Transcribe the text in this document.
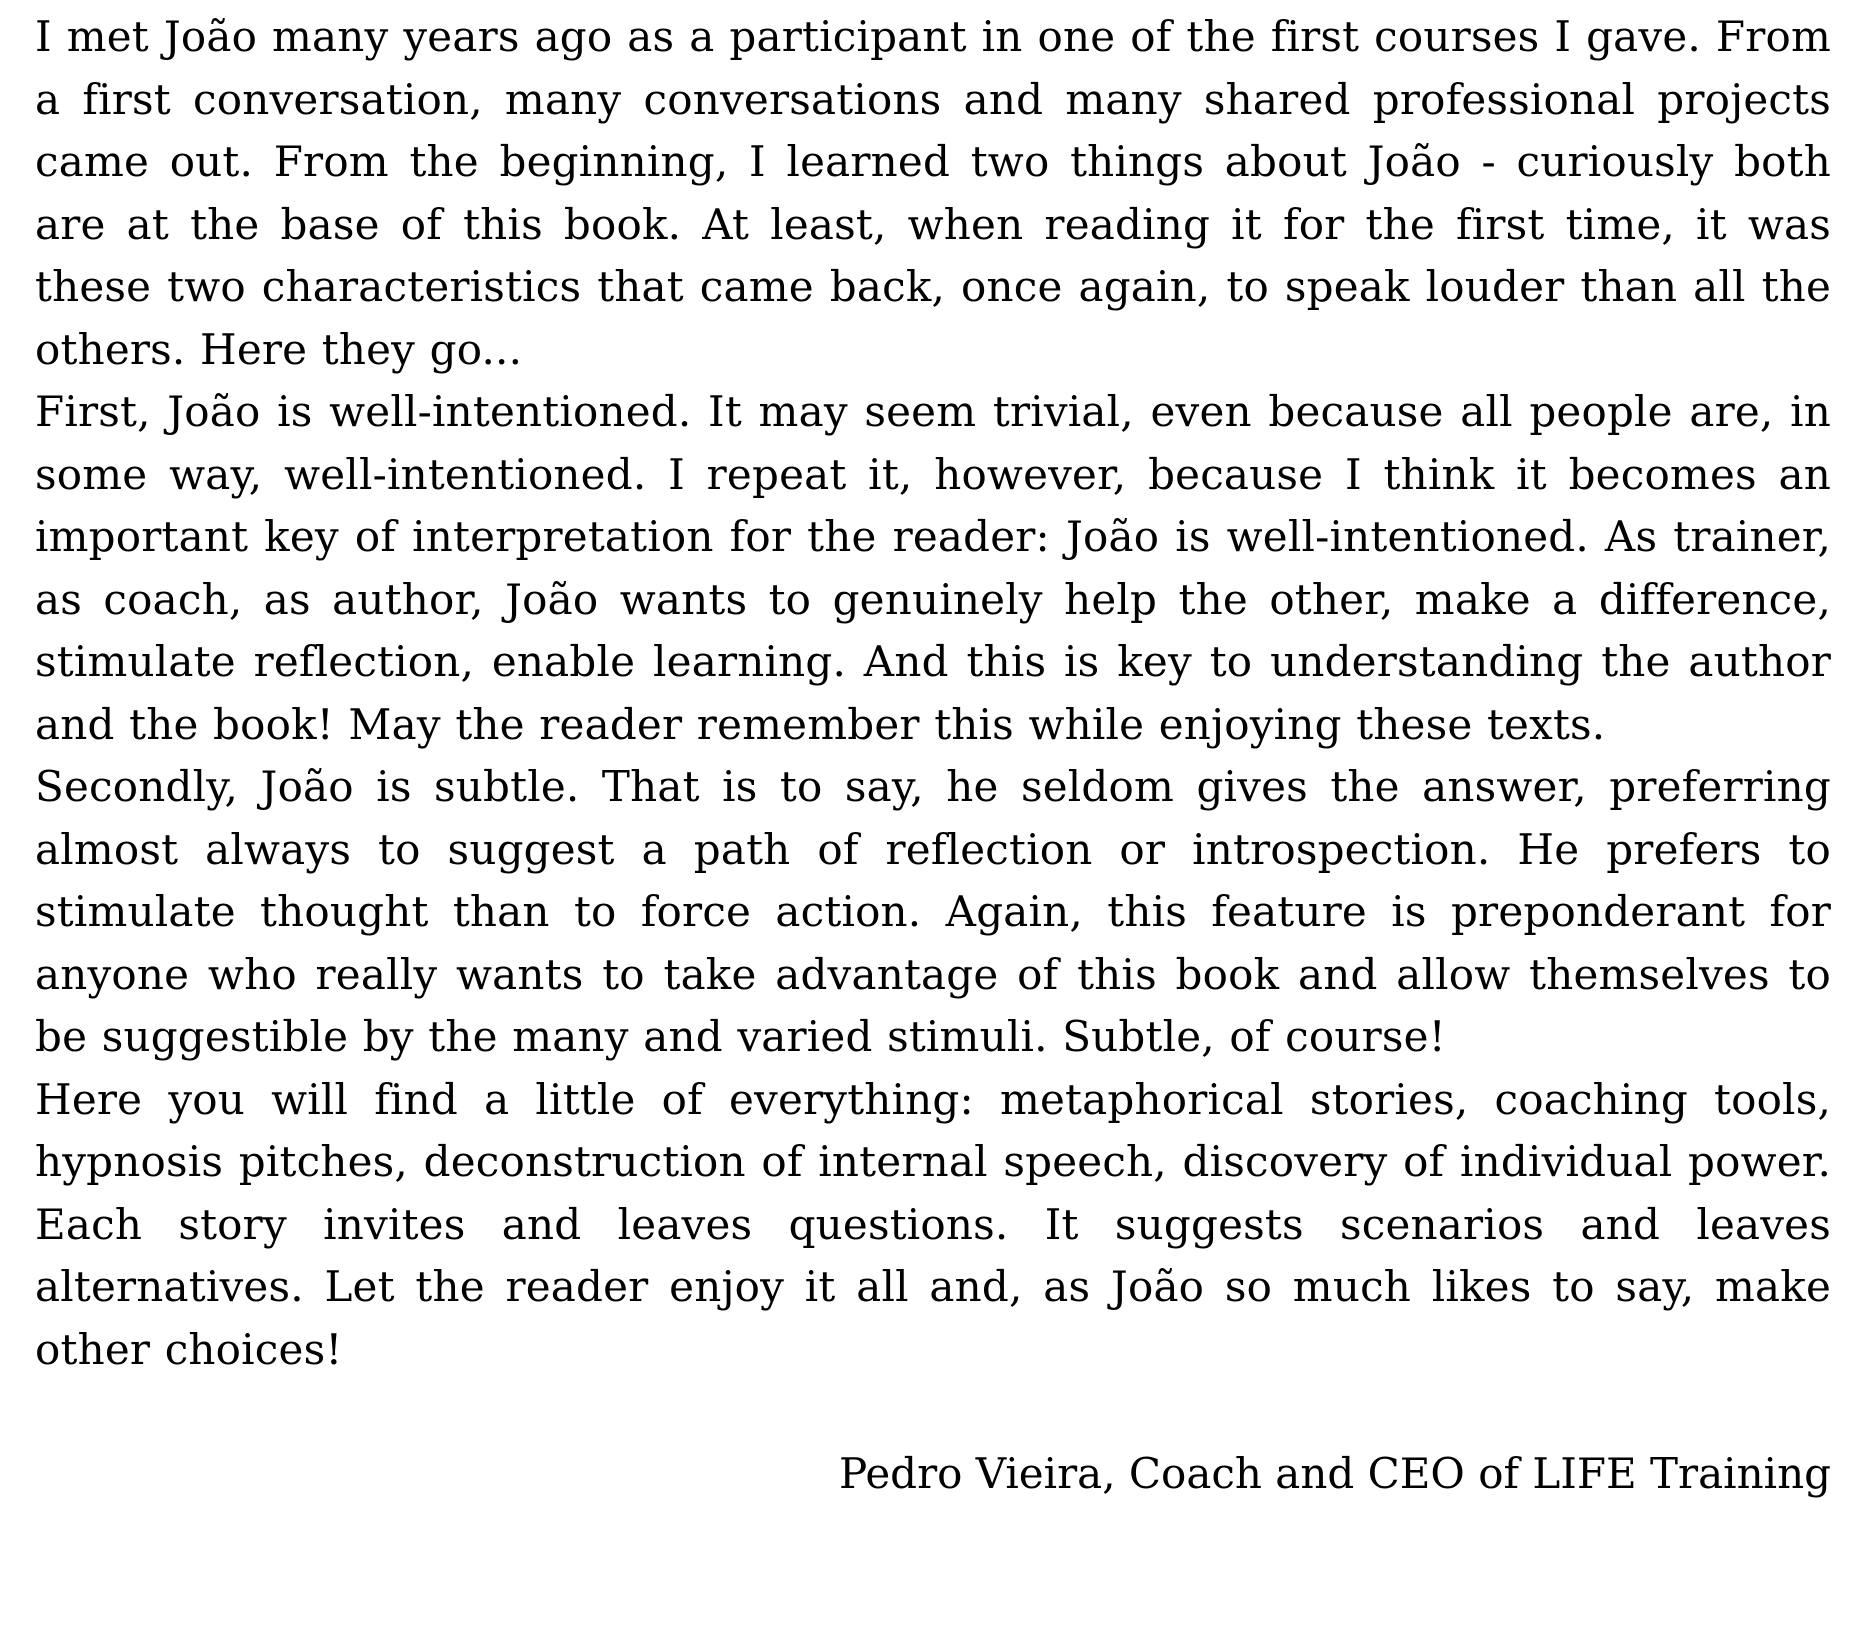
I met João many years ago as a participant in one of the first courses I gave. From a first conversation, many conversations and many shared professional projects came out. From the beginning, I learned two things about João - curiously both are at the base of this book. At least, when reading it for the first time, it was these two characteristics that came back, once again, to speak louder than all the others. Here they go...

First, João is well-intentioned. It may seem trivial, even because all people are, in some way, well-intentioned. I repeat it, however, because I think it becomes an important key of interpretation for the reader: João is well-intentioned. As trainer, as coach, as author, João wants to genuinely help the other, make a difference, stimulate reflection, enable learning. And this is key to understanding the author and the book! May the reader remember this while enjoying these texts.

Secondly, João is subtle. That is to say, he seldom gives the answer, preferring almost always to suggest a path of reflection or introspection. He prefers to stimulate thought than to force action. Again, this feature is preponderant for anyone who really wants to take advantage of this book and allow themselves to be suggestible by the many and varied stimuli. Subtle, of course!

Here you will find a little of everything: metaphorical stories, coaching tools, hypnosis pitches, deconstruction of internal speech, discovery of individual power. Each story invites and leaves questions. It suggests scenarios and leaves alternatives. Let the reader enjoy it all and, as João so much likes to say, make other choices!

Pedro Vieira, Coach and CEO of LIFE Training
